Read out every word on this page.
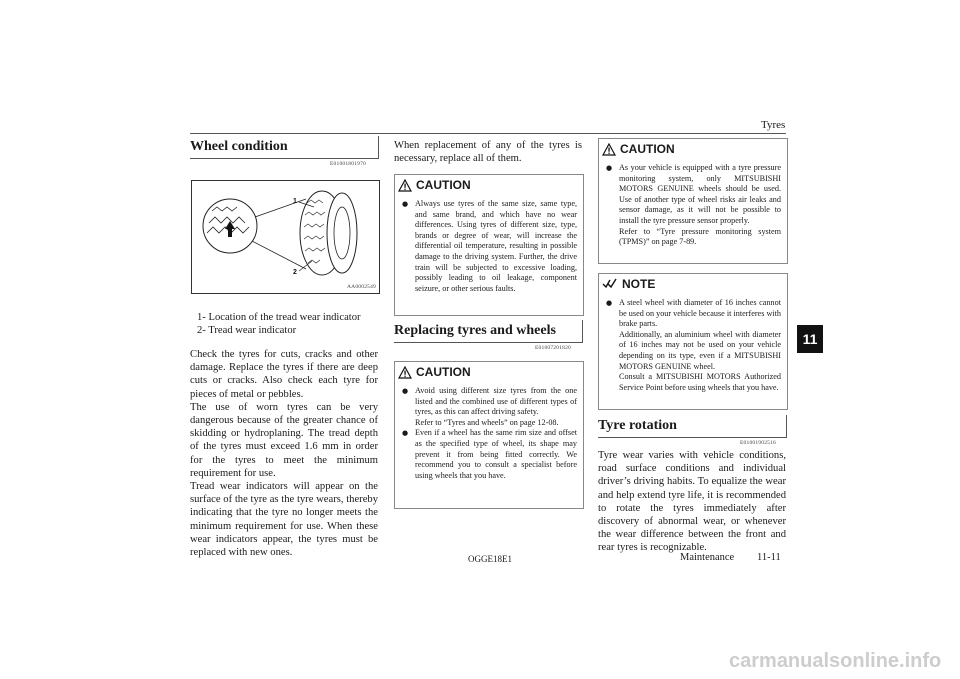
Tyres
11
Wheel condition
E01001801970
1
2
AA0002549
1- Location of the tread wear indicator
2- Tread wear indicator

Check the tyres for cuts, cracks and other damage. Replace the tyres if there are deep cuts or cracks. Also check each tyre for pieces of metal or pebbles.

The use of worn tyres can be very dangerous because of the greater chance of skidding or hydroplaning. The tread depth of the tyres must exceed 1.6 mm in order for the tyres to meet the minimum requirement for use.

Tread wear indicators will appear on the surface of the tyre as the tyre wears, thereby indicating that the tyre no longer meets the minimum requirement for use. When these wear indicators appear, the tyres must be replaced with new ones.

When replacement of any of the tyres is necessary, replace all of them.

CAUTION
● Always use tyres of the same size, same type, and same brand, and which have no wear differences. Using tyres of different size, type, brands or degree of wear, will increase the differential oil temperature, resulting in possible damage to the driving system. Further, the drive train will be subjected to excessive loading, possibly leading to oil leakage, component seizure, or other serious faults.

Replacing tyres and wheels
E01007201820
CAUTION
● Avoid using different size tyres from the one listed and the combined use of different types of tyres, as this can affect driving safety.

Refer to “Tyres and wheels” on page 12-08.

● Even if a wheel has the same rim size and offset as the specified type of wheel, its shape may prevent it from being fitted correctly. We recommend you to consult a specialist before using wheels that you have.

CAUTION
● As your vehicle is equipped with a tyre pressure monitoring system, only MITSUBISHI MOTORS GENUINE wheels should be used. Use of another type of wheel risks air leaks and sensor damage, as it will not be possible to install the tyre pressure sensor properly.

Refer to “Tyre pressure monitoring system (TPMS)” on page 7-89.

NOTE
● A steel wheel with diameter of 16 inches cannot be used on your vehicle because it interferes with brake parts.

Additionally, an aluminium wheel with diameter of 16 inches may not be used on your vehicle depending on its type, even if a MITSUBISHI MOTORS GENUINE wheel.

Consult a MITSUBISHI MOTORS Authorized Service Point before using wheels that you have.

Tyre rotation
E01001902516

Tyre wear varies with vehicle conditions, road surface conditions and individual driver’s driving habits. To equalize the wear and help extend tyre life, it is recommended to rotate the tyres immediately after discovery of abnormal wear, or whenever the wear difference between the front and rear tyres is recognizable.

OGGE18E1	Maintenance 11-11
carmanualsonline.info
